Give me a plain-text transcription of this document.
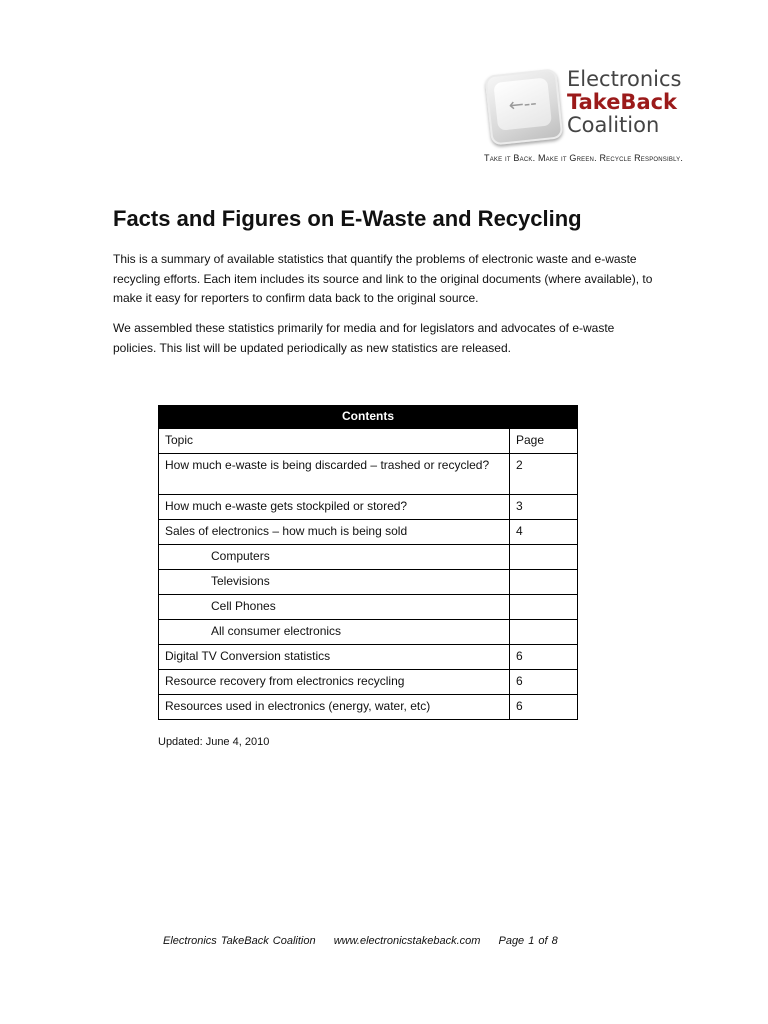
←--
Electronics
TakeBack
Coalition
Take it Back. Make it Green. Recycle Responsibly.
Facts and Figures on E-Waste and Recycling

This is a summary of available statistics that quantify the problems of electronic waste and e-waste recycling efforts. Each item includes its source and link to the original documents (where available), to make it easy for reporters to confirm data back to the original source.

We assembled these statistics primarily for media and for legislators and advocates of e-waste policies. This list will be updated periodically as new statistics are released.

Contents	
Topic	Page
How much e-waste is being discarded – trashed or recycled?	2
How much e-waste gets stockpiled or stored?	3
Sales of electronics – how much is being sold	4
Computers	
Televisions	
Cell Phones	
All consumer electronics	
Digital TV Conversion statistics	6
Resource recovery from electronics recycling	6
Resources used in electronics (energy, water, etc)	6
Updated: June 4, 2010
Electronics TakeBack Coalition www.electronicstakeback.com Page 1 of 8
